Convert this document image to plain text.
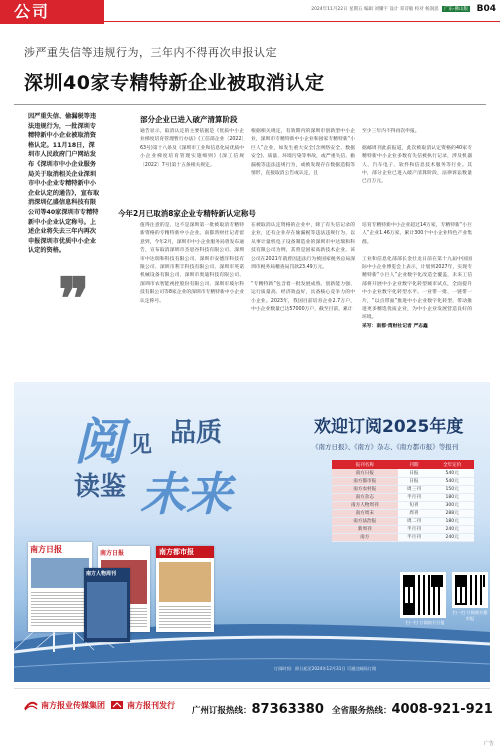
公司	2024年11月22日 星期五 编辑 刘耀宇 设计 邓诗敏 校对 杨润思 广东·佛山版 B04
涉严重失信等违规行为，三年内不得再次申报认定
深圳40家专精特新企业被取消认定
因严重失信、偷漏税等违法违规行为，一批深圳专精特新中小企业被取消资格认定。11月18日，深圳市人民政府门户网站发布《深圳市中小企业服务局关于取消相关企业深圳市中小企业专精特新中小企业认定的通告》，宣布取消深圳亿盛信息科技有限公司等40家深圳市专精特新中小企业认定称号。上述企业将失去三年内再次申报深圳市优质中小企业认定的资格。
❞
部分企业已进入破产清算阶段
通告显示，取消认定的主要依据是《优质中小企业梯度培育管理暂行办法》(工信部企业〔2022〕63号)第十八条及《深圳市工业和信息化局优质中小企业梯度培育管理实施细则》(深工信规〔2022〕7号)第十五条相关规定。
根据相关规定，有效期内的深圳市创新型中小企业，深圳市专精特新中小企业和国家专精特新“小巨人”企业，如发生重大安全(含网络安全、数据安全)、质量、环境污染等事故，或严重失信，偷漏税等违法违规行为，或被发现存在数据造假等情形，直接取消公告或认定，且
至少三年内不得再次申报。

据邮周刊此前报道，此次被取消认定资格的40家专精特新中小企业多数有失信被执行记录，涉及机器人、汽车电子、软件和信息技术服务等行业。其中，部分企业已进入破产清算阶段，法律诉讼数量已百万元。
今年2月已取消8家企业专精特新认定称号
值得注意的是，这不是深圳第一批被取消专精特新资格的专精特新中小企业。南都湾财社记者留意到，今年2月，深圳市中小企业服务局曾发布通告，宣布取消深圳市杰思谷科技有限公司、深圳市中达瑞和科技有限公司、深圳市安德洋科技有限公司、深圳市利丰科技有限公司、深圳市英诺机械设备有限公司、深圳市奥迪科技有限公司、深圳市农智能视控股份有限公司、深圳市坡尔科技有限公司等8家企业的深圳市专精特新中小企业认定称号。
在被取消认定资格的企业中，除了有失信记录的企业，还有企业存在偷漏税等违法违规行为，以从事计量机电子设备制造业的深圳市中达瑞和科技有限公司为例，其曾是国家高新技术企业，该公司在2021年就曾因违法行为被国家税务总局深圳市税务局稽查局罚款23.49万元。

“专精特新”包含着一批发展成熟、创新能力强、运行质量高、经济效益好，具备核心竞争力的中小企业。2023年，我国目前培育企业2.7万户，中小企业数量已达57000万户，截至目前，累计
培育专精特新中小企业超过14万家，专精特新“小巨人”企业1.46万家，累计300个中小企业特色产业集群。

工业和信息化部部长金壮龙日前在第十九届中国国际中小企业博览会上表示，计划到2027年，实现专精特新“小巨人”企业数字化改造全覆盖，未来工信部将开展中小企业数字化转型城市试点，全面提升中小企业数字化转型水平。一业带一批、一链带一片，“以点带面”推进中小企业数字化转型，带动推进更多精选优质企业，为中小企业发展营造良好的环境。
采写：南都·湾财社记者 严志鑫
阅 见 品质
读鉴 未来
欢迎订阅2025年度
《南方日报》、《南方》杂志、《南方都市报》等报刊
报刊名称	刊期	全年定价
南方日报	日报	540元
南方都市报	日报	540元
南方农村报	周三刊	150元
南方杂志	半月刊	180元
南方人物周刊	旬刊	300元
南方周末	周刊	288元
南方法治报	周二刊	180元
新周刊	半月刊	240元
南方	半月刊	240元
南方日报	南方日报	南方都市报
南方人物周刊
扫一扫 订阅南方日报
扫一扫 订阅南方都市报
订阅时间：即日起至2024年12月31日 可通过邮局订阅
南方报业传媒集团	南方报刊发行
广州订报热线：87363380 全省服务热线：4008-921-921
广告
